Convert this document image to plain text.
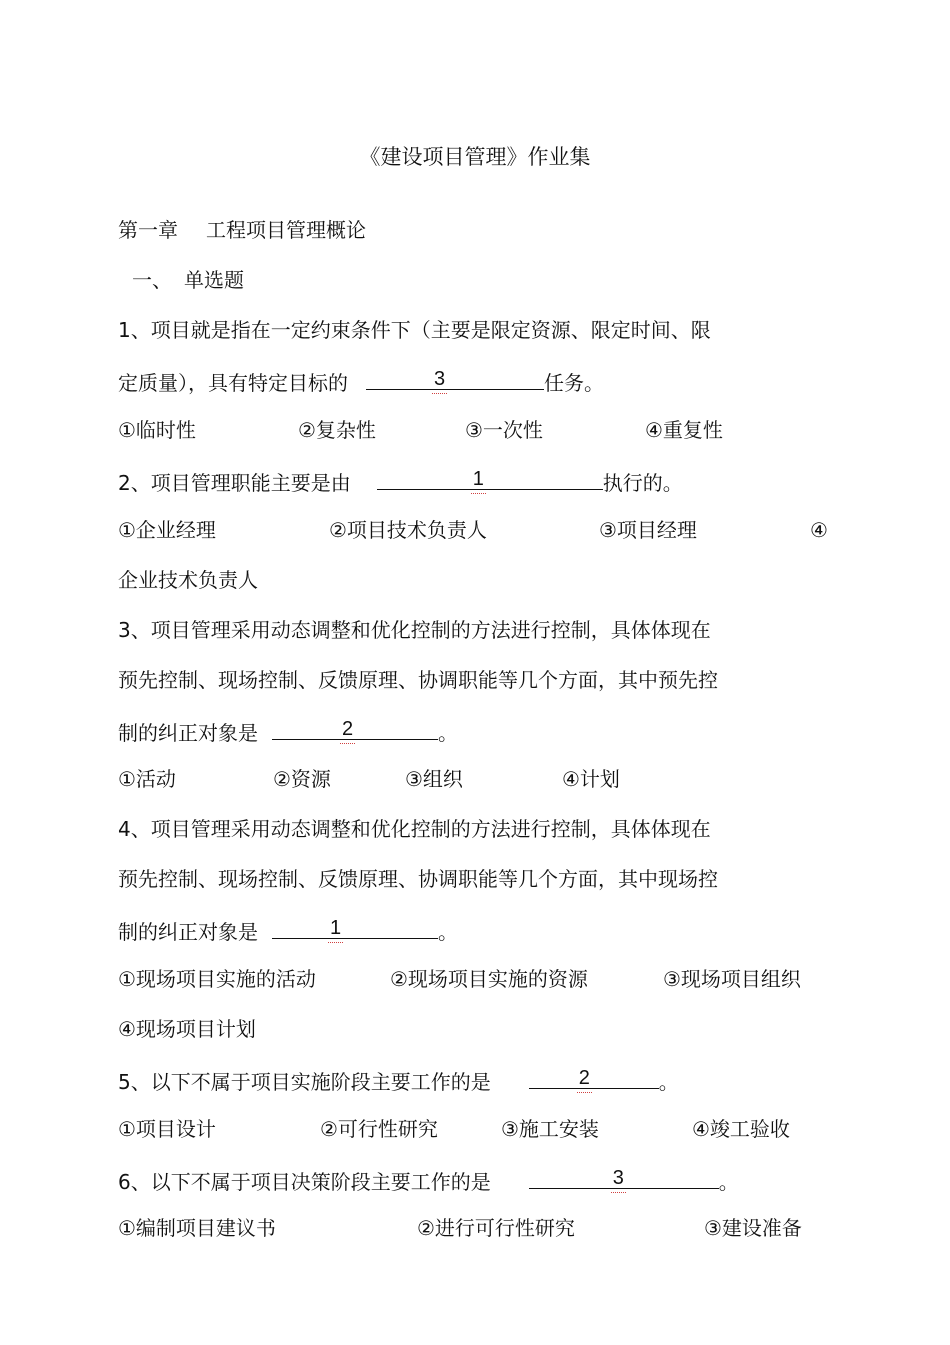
《建设项目管理》作业集
第一章 工程项目管理概论
一、 单选题
1、项目就是指在一定约束条件下（主要是限定资源、限定时间、限
定质量），具有特定目标的	3	任务。
①临时性	②复杂性	③一次性	④重复性
2、项目管理职能主要是由	1	执行的。
①企业经理	②项目技术负责人	③项目经理	④
企业技术负责人
3、项目管理采用动态调整和优化控制的方法进行控制，具体体现在
预先控制、现场控制、反馈原理、协调职能等几个方面，其中预先控
制的纠正对象是	2	。
①活动	②资源	③组织	④计划
4、项目管理采用动态调整和优化控制的方法进行控制，具体体现在
预先控制、现场控制、反馈原理、协调职能等几个方面，其中现场控
制的纠正对象是	1	。
①现场项目实施的活动	②现场项目实施的资源	③现场项目组织
④现场项目计划
5、以下不属于项目实施阶段主要工作的是	2	。
①项目设计	②可行性研究	③施工安装	④竣工验收
6、以下不属于项目决策阶段主要工作的是	3	。
①编制项目建议书	②进行可行性研究	③建设准备
